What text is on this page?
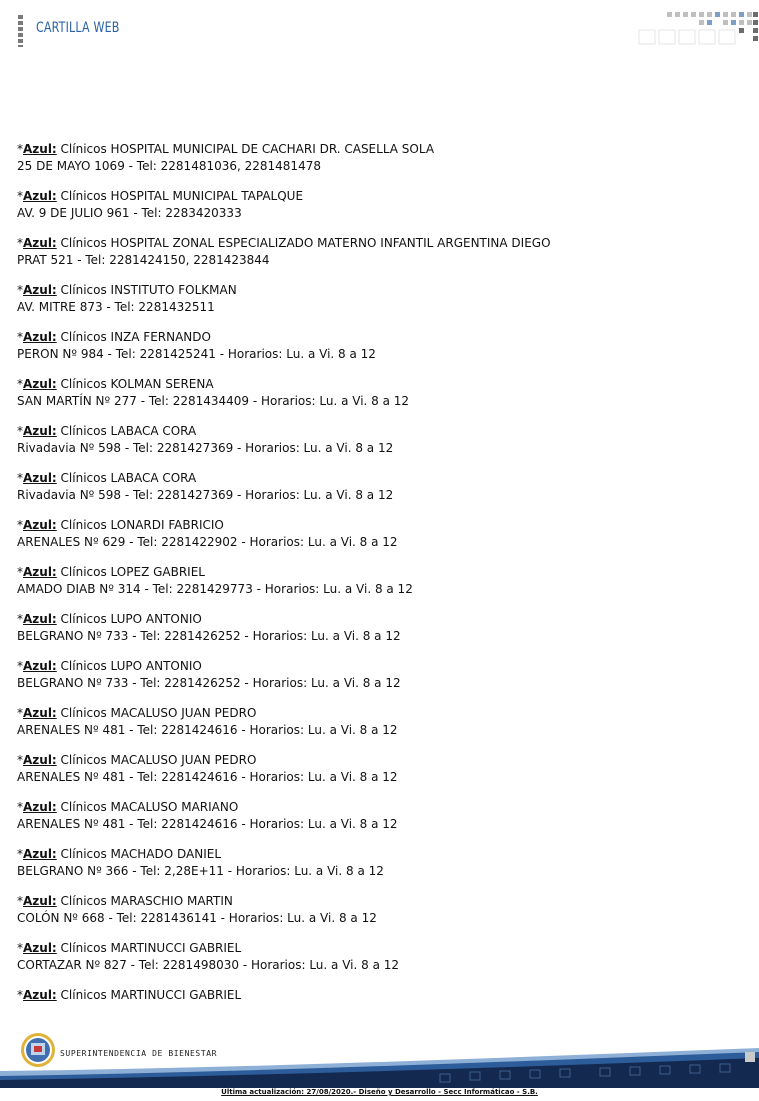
CARTILLA WEB
*Azul: Clínicos HOSPITAL MUNICIPAL DE CACHARI DR. CASELLA SOLA
25 DE MAYO 1069 - Tel: 2281481036, 2281481478
*Azul: Clínicos HOSPITAL MUNICIPAL TAPALQUE
AV. 9 DE JULIO 961 - Tel: 2283420333
*Azul: Clínicos HOSPITAL ZONAL ESPECIALIZADO MATERNO INFANTIL ARGENTINA DIEGO
PRAT 521 - Tel: 2281424150, 2281423844
*Azul: Clínicos INSTITUTO FOLKMAN
AV. MITRE 873 - Tel: 2281432511
*Azul: Clínicos INZA FERNANDO
PERON Nº 984 - Tel: 2281425241 - Horarios: Lu. a Vi. 8 a 12
*Azul: Clínicos KOLMAN SERENA
SAN MARTÍN Nº 277 - Tel: 2281434409 - Horarios: Lu. a Vi. 8 a 12
*Azul: Clínicos LABACA CORA
Rivadavia Nº 598 - Tel: 2281427369 - Horarios: Lu. a Vi. 8 a 12
*Azul: Clínicos LABACA CORA
Rivadavia Nº 598 - Tel: 2281427369 - Horarios: Lu. a Vi. 8 a 12
*Azul: Clínicos LONARDI FABRICIO
ARENALES Nº 629 - Tel: 2281422902 - Horarios: Lu. a Vi. 8 a 12
*Azul: Clínicos LOPEZ GABRIEL
AMADO DIAB Nº 314 - Tel: 2281429773 - Horarios: Lu. a Vi. 8 a 12
*Azul: Clínicos LUPO ANTONIO
BELGRANO Nº 733 - Tel: 2281426252 - Horarios: Lu. a Vi. 8 a 12
*Azul: Clínicos LUPO ANTONIO
BELGRANO Nº 733 - Tel: 2281426252 - Horarios: Lu. a Vi. 8 a 12
*Azul: Clínicos MACALUSO JUAN PEDRO
ARENALES Nº 481 - Tel: 2281424616 - Horarios: Lu. a Vi. 8 a 12
*Azul: Clínicos MACALUSO JUAN PEDRO
ARENALES Nº 481 - Tel: 2281424616 - Horarios: Lu. a Vi. 8 a 12
*Azul: Clínicos MACALUSO MARIANO
ARENALES Nº 481 - Tel: 2281424616 - Horarios: Lu. a Vi. 8 a 12
*Azul: Clínicos MACHADO DANIEL
BELGRANO Nº 366 - Tel: 2,28E+11 - Horarios: Lu. a Vi. 8 a 12
*Azul: Clínicos MARASCHIO MARTIN
COLÓN Nº 668 - Tel: 2281436141 - Horarios: Lu. a Vi. 8 a 12
*Azul: Clínicos MARTINUCCI GABRIEL
CORTAZAR Nº 827 - Tel: 2281498030 - Horarios: Lu. a Vi. 8 a 12
*Azul: Clínicos MARTINUCCI GABRIEL
SUPERINTENDENCIA DE BIENESTAR
Última actualización: 27/08/2020.- Diseño y Desarrollo - Secc Informáticao - S.B.
